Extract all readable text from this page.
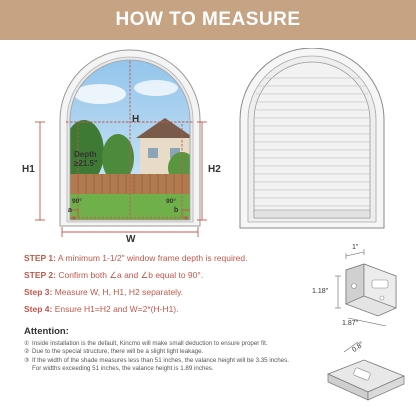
HOW TO MEASURE
H
H1	H2
W
Depth
≥21.5"
90°	90°
a	b
STEP 1: A minimum 1-1/2" window frame depth is required.
STEP 2: Confirm both ∠a and ∠b equal to 90°.
Step 3: Measure W, H, H1, H2 separately.
Step 4: Ensure H1=H2 and W=2*(H-H1).
Attention:
① Inside installation is the default, Kincmo will make small deduction to ensure proper fit.
② Due to the special structure, there will be a slight light leakage.
③ If the width of the shade measures less than 51 inches, the valance height will be 3.35 inches.
For widths exceeding 51 inches, the valance height is 1.89 inches.
1"
1.18"
1.87"
0.8"
